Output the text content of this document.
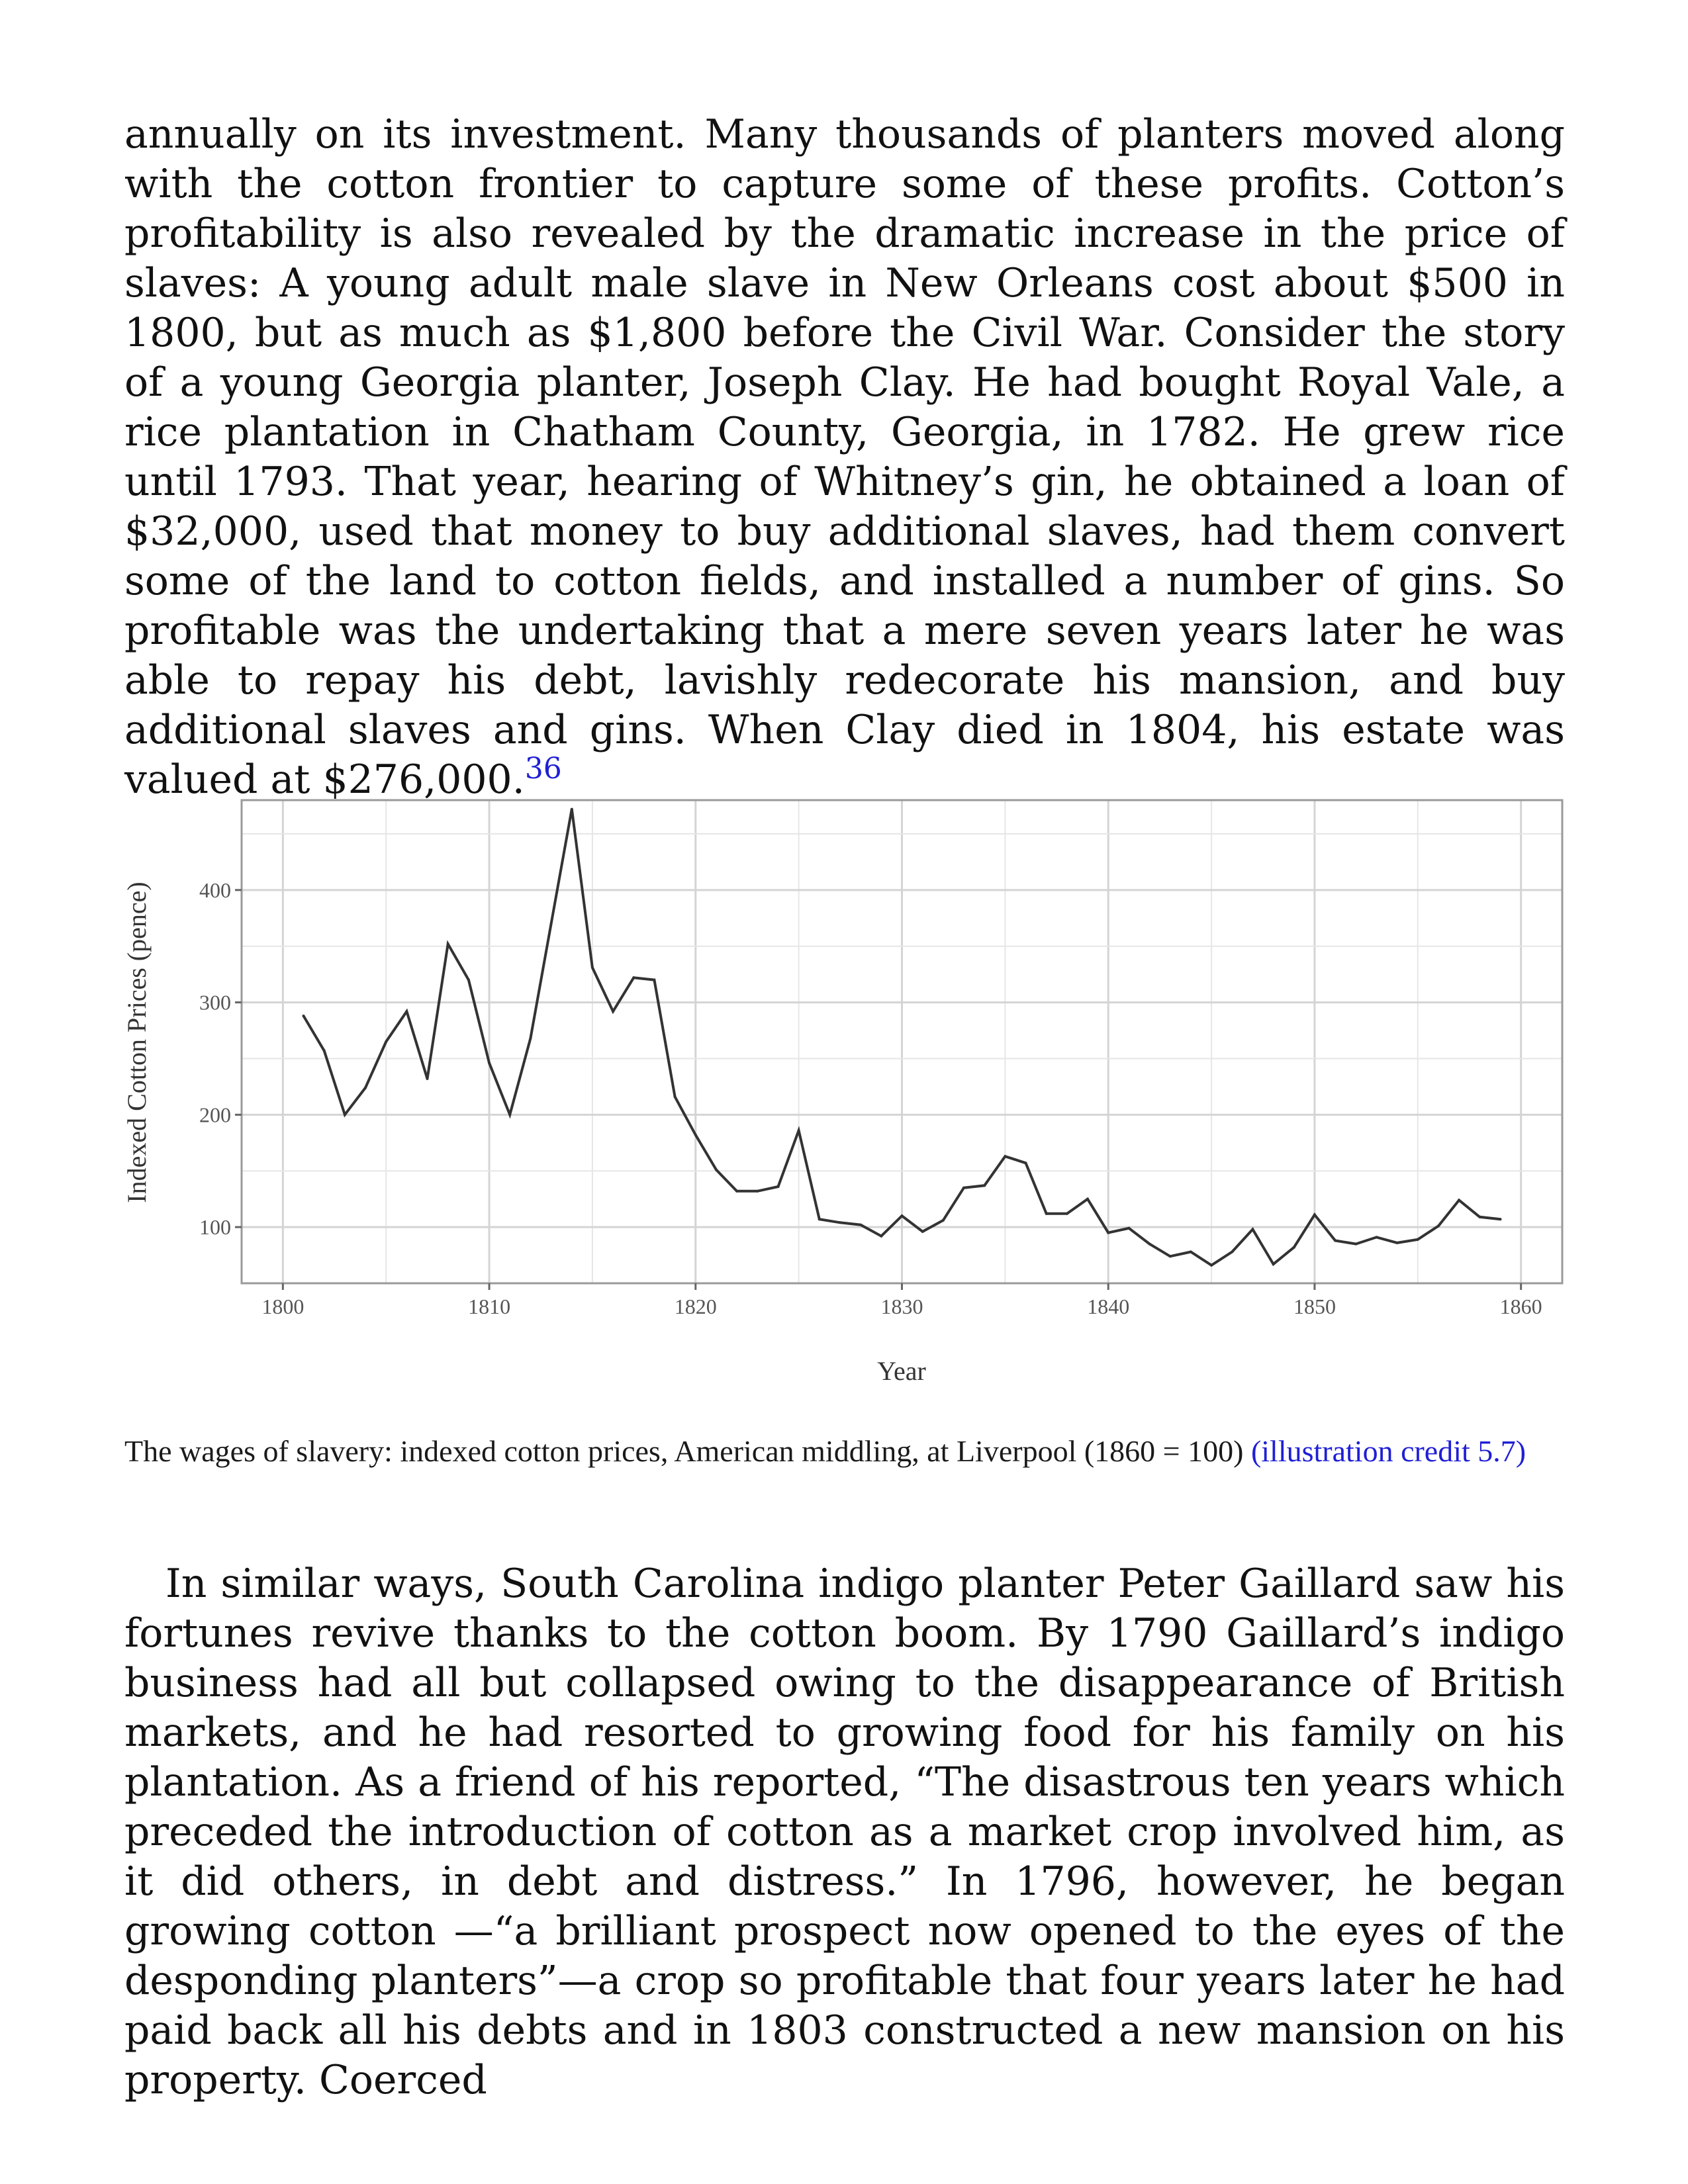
annually on its investment. Many thousands of planters moved along with the cotton frontier to capture some of these profits. Cotton’s profitability is also revealed by the dramatic increase in the price of slaves: A young adult male slave in New Orleans cost about $500 in 1800, but as much as $1,800 before the Civil War. Consider the story of a young Georgia planter, Joseph Clay. He had bought Royal Vale, a rice plantation in Chatham County, Georgia, in 1782. He grew rice until 1793. That year, hearing of Whitney’s gin, he obtained a loan of $32,000, used that money to buy additional slaves, had them convert some of the land to cotton fields, and installed a number of gins. So profitable was the undertaking that a mere seven years later he was able to repay his debt, lavishly redecorate his mansion, and buy additional slaves and gins. When Clay died in 1804, his estate was valued at $276,000.36

1800	1810	1820	1830	1840	1850	1860
100
200
300
400
Year
Indexed Cotton Prices (pence)

The wages of slavery: indexed cotton prices, American middling, at Liverpool (1860 = 100) (illustration credit 5.7)

In similar ways, South Carolina indigo planter Peter Gaillard saw his fortunes revive thanks to the cotton boom. By 1790 Gaillard’s indigo business had all but collapsed owing to the disappearance of British markets, and he had resorted to growing food for his family on his plantation. As a friend of his reported, “The disastrous ten years which preceded the introduction of cotton as a market crop involved him, as it did others, in debt and distress.” In 1796, however, he began growing cotton —“a brilliant prospect now opened to the eyes of the desponding planters”—a crop so profitable that four years later he had paid back all his debts and in 1803 constructed a new mansion on his property. Coerced
